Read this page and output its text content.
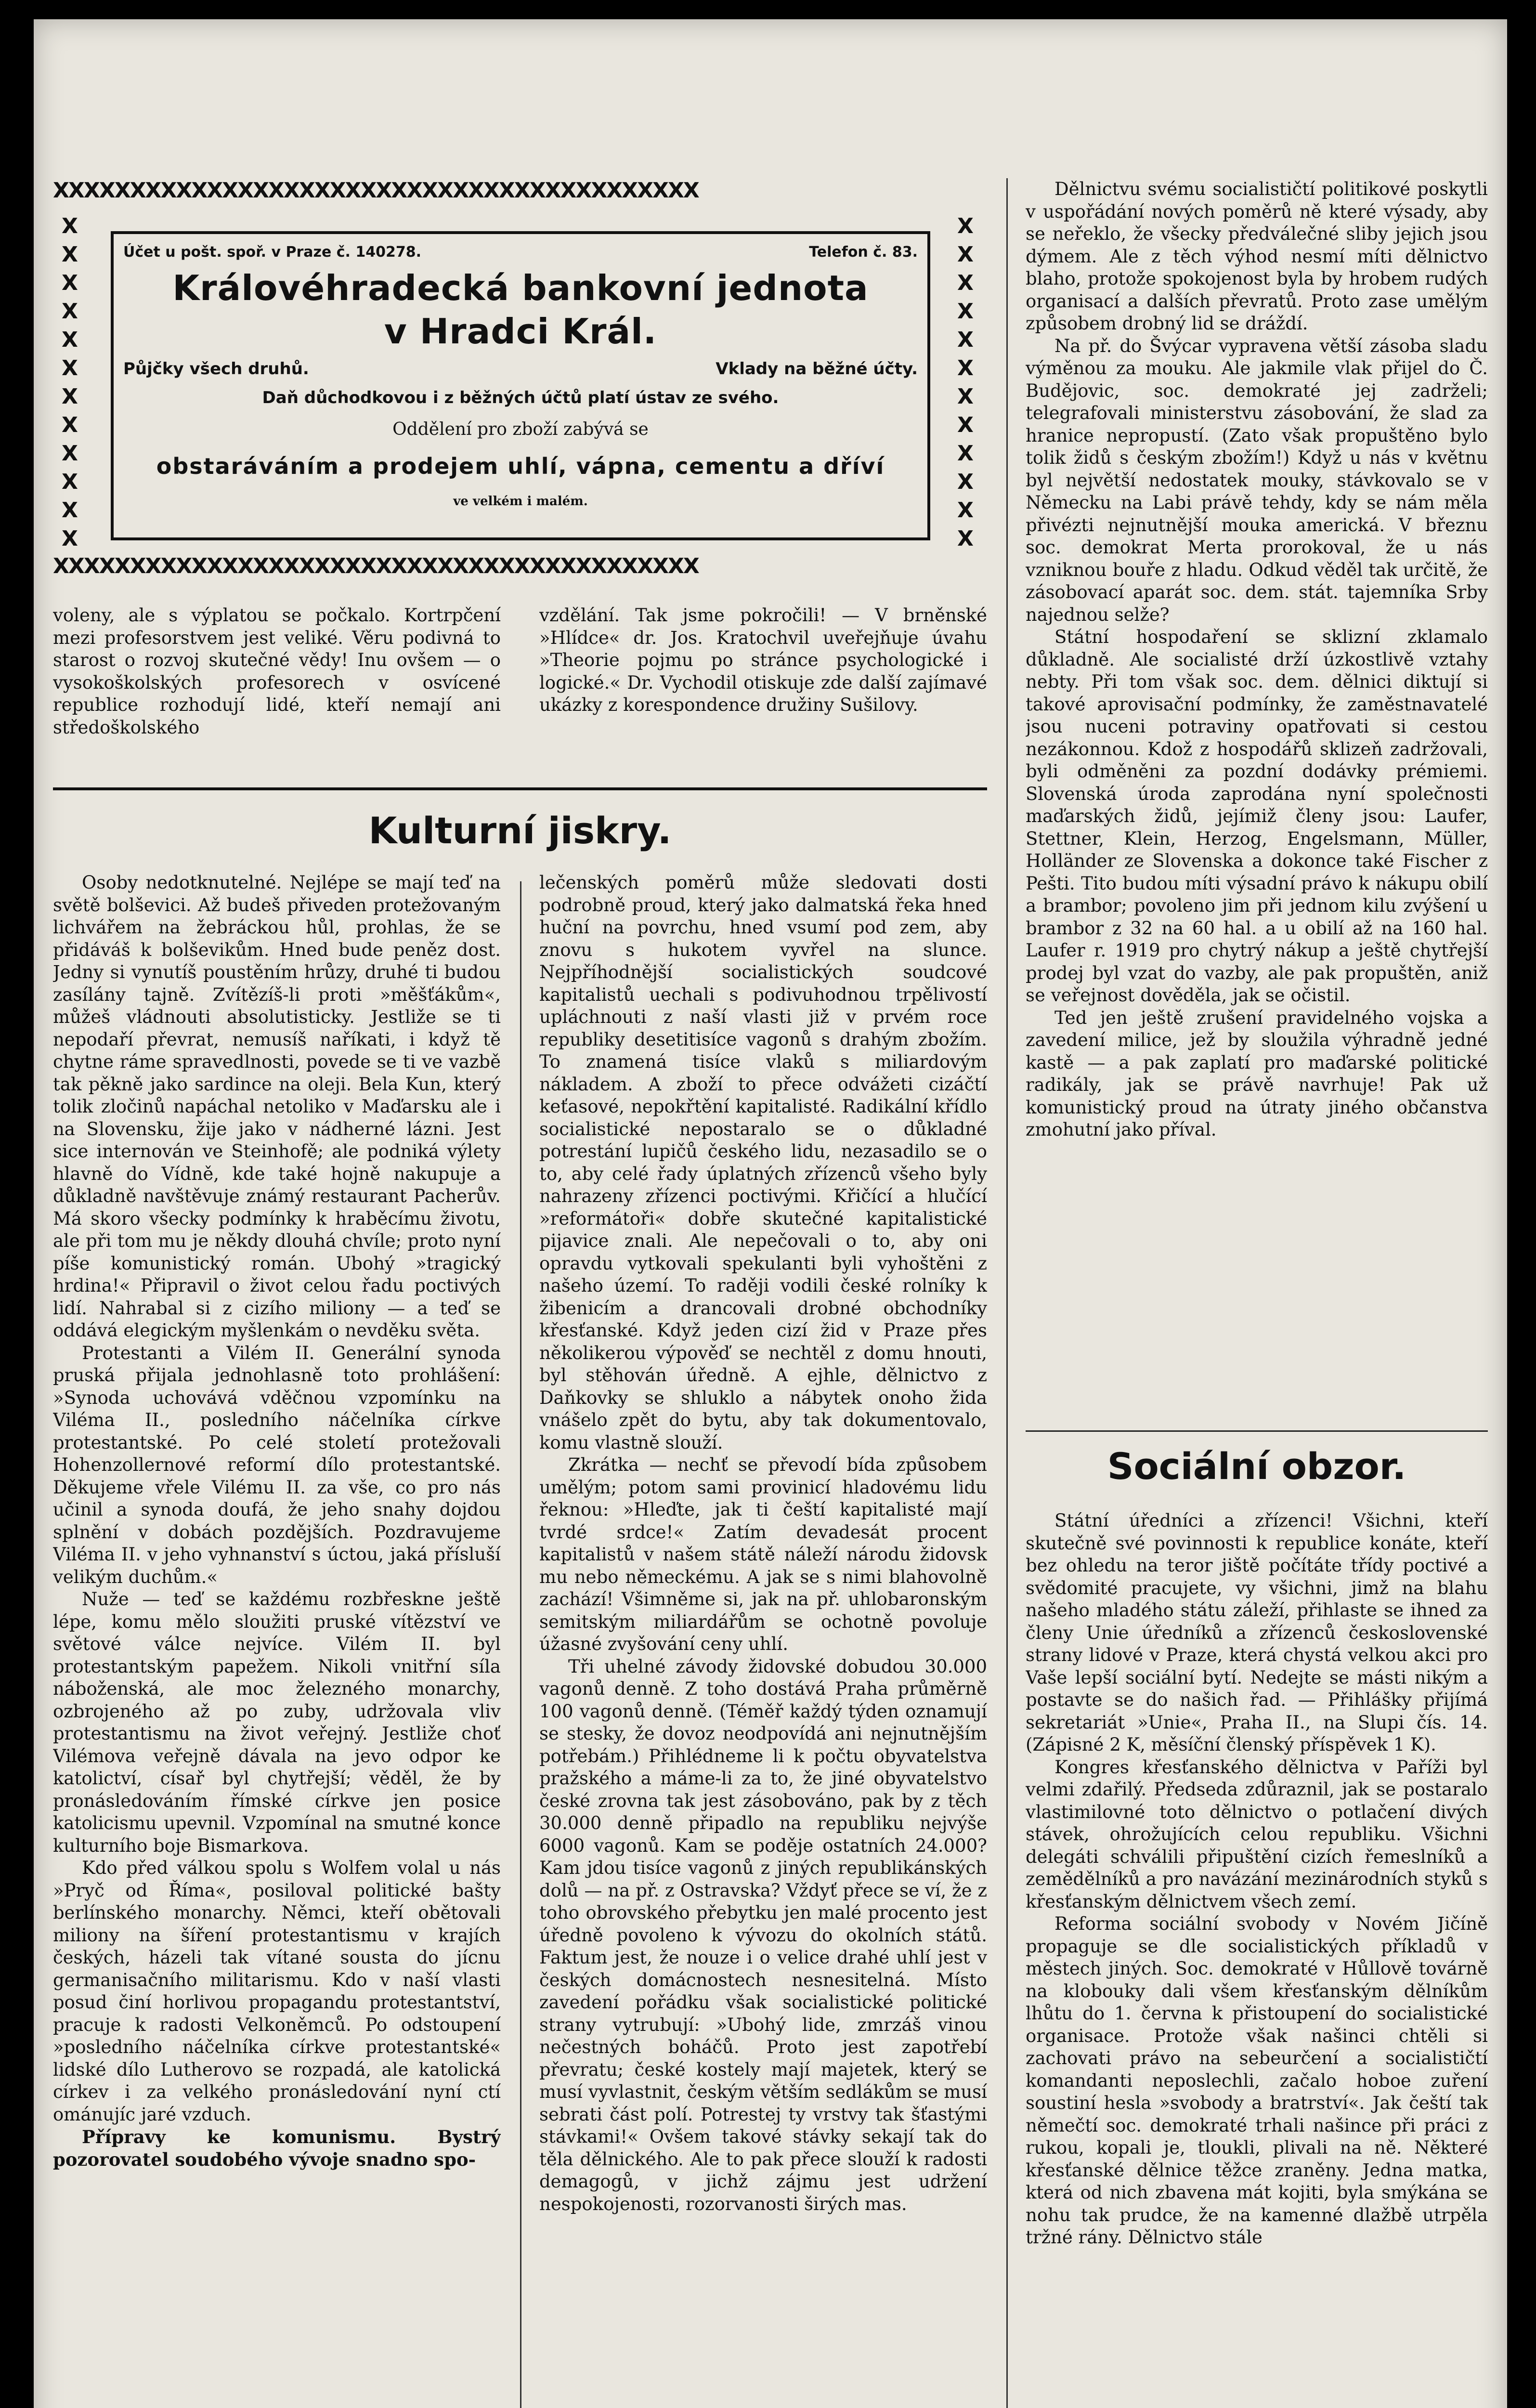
XXXXXXXXXXXXXXXXXXXXXXXXXXXXXXXXXXXXXXXXXX
XXXXXXXXXXXXXXXXXXXXXXXXXXXXXXXXXXXXXXXXXX
X X X X X X X X X X X X
X X X X X X X X X X X X
Účet u pošt. spoř. v Praze č. 140278.	Telefon č. 83.
Královéhradecká bankovní jednota
v Hradci Král.
Půjčky všech druhů.	Vklady na běžné účty.
Daň důchodkovou i z běžných účtů platí ústav ze svého.
Oddělení pro zboží zabývá se
obstaráváním a prodejem uhlí, vápna, cementu a dříví
ve velkém i malém.

voleny, ale s výplatou se počkalo. Kortrpčení mezi profesorstvem jest veliké. Věru podivná to starost o rozvoj skutečné vědy! Inu ovšem — o vysokoškolských profesorech v osvícené republice rozhodují lidé, kteří nemají ani středoškolského

vzdělání. Tak jsme pokročili! — V brněnské »Hlídce« dr. Jos. Kratochvil uveřejňuje úvahu »Theorie pojmu po stránce psychologické i logické.« Dr. Vychodil otiskuje zde další zajímavé ukázky z korespondence družiny Sušilovy.

Kulturní jiskry.

Osoby nedotknutelné. Nejlépe se mají teď na světě bolševici. Až budeš přiveden protežovaným lichvářem na žebráckou hůl, prohlas, že se přidáváš k bolševikům. Hned bude peněz dost. Jedny si vynutíš poustěním hrůzy, druhé ti budou zasílány tajně. Zvítězíš-li proti »měšťákům«, můžeš vládnouti absolutisticky. Jestliže se ti nepodaří převrat, nemusíš naříkati, i když tě chytne ráme spravedlnosti, povede se ti ve vazbě tak pěkně jako sardince na oleji. Bela Kun, který tolik zločinů napáchal netoliko v Maďarsku ale i na Slovensku, žije jako v nádherné lázni. Jest sice internován ve Steinhofě; ale podniká výlety hlavně do Vídně, kde také hojně nakupuje a důkladně navštěvuje známý restaurant Pacherův. Má skoro všecky podmínky k hraběcímu životu, ale při tom mu je někdy dlouhá chvíle; proto nyní píše komunistický román. Ubohý »tragický hrdina!« Připravil o život celou řadu poctivých lidí. Nahrabal si z cizího miliony — a teď se oddává elegickým myšlenkám o nevděku světa.

Protestanti a Vilém II. Generální synoda pruská přijala jednohlasně toto prohlášení: »Synoda uchovává vděčnou vzpomínku na Viléma II., posledního náčelníka církve protestantské. Po celé století protežovali Hohenzollernové reformí dílo protestantské. Děkujeme vřele Vilému II. za vše, co pro nás učinil a synoda doufá, že jeho snahy dojdou splnění v dobách pozdějších. Pozdravujeme Viléma II. v jeho vyhnanství s úctou, jaká přísluší velikým duchům.«

Nuže — teď se každému rozbřeskne ještě lépe, komu mělo sloužiti pruské vítězství ve světové válce nejvíce. Vilém II. byl protestantským papežem. Nikoli vnitřní síla náboženská, ale moc železného monarchy, ozbrojeného až po zuby, udržovala vliv protestantismu na život veřejný. Jestliže choť Vilémova veřejně dávala na jevo odpor ke katolictví, císař byl chytřejší; věděl, že by pronásledováním římské církve jen posice katolicismu upevnil. Vzpomínal na smutné konce kulturního boje Bismarkova.

Kdo před válkou spolu s Wolfem volal u nás »Pryč od Říma«, posiloval politické bašty berlínského monarchy. Němci, kteří obětovali miliony na šíření protestantismu v krajích českých, házeli tak vítané sousta do jícnu germanisačního militarismu. Kdo v naší vlasti posud činí horlivou propagandu protestantství, pracuje k radosti Velkoněmců. Po odstoupení »posledního náčelníka církve protestantské« lidské dílo Lutherovo se rozpadá, ale katolická církev i za velkého pronásledování nyní ctí ománujíc jaré vzduch.

Přípravy ke komunismu. Bystrý pozorovatel soudobého vývoje snadno spo-

lečenských poměrů může sledovati dosti podrobně proud, který jako dalmatská řeka hned huční na povrchu, hned vsumí pod zem, aby znovu s hukotem vyvřel na slunce. Nejpříhodnější socialistických soudcové kapitalistů uechali s podivuhodnou trpělivostí upláchnouti z naší vlasti již v prvém roce republiky desetitisíce vagonů s drahým zbožím. To znamená tisíce vlaků s miliardovým nákladem. A zboží to přece odvážeti cizáčtí keťasové, nepokřtění kapitalisté. Radikální křídlo socialistické nepostaralo se o důkladné potrestání lupičů českého lidu, nezasadilo se o to, aby celé řady úplatných zřízenců všeho byly nahrazeny zřízenci poctivými. Křičící a hlučící »reformátoři« dobře skutečné kapitalistické pijavice znali. Ale nepečovali o to, aby oni opravdu vytkovali spekulanti byli vyhoštěni z našeho území. To raději vodili české rolníky k žibenicím a drancovali drobné obchodníky křesťanské. Když jeden cizí žid v Praze přes několikerou výpověď se nechtěl z domu hnouti, byl stěhován úředně. A ejhle, dělnictvo z Daňkovky se shluklo a nábytek onoho žida vnášelo zpět do bytu, aby tak dokumentovalo, komu vlastně slouží.

Zkrátka — nechť se převodí bída způsobem umělým; potom sami provinicí hladovému lidu řeknou: »Hleďte, jak ti čeští kapitalisté mají tvrdé srdce!« Zatím devadesát procent kapitalistů v našem státě náleží národu židovsk mu nebo německému. A jak se s nimi blahovolně zachází! Všimněme si, jak na př. uhlobaronským semitským miliardářům se ochotně povoluje úžasné zvyšování ceny uhlí.

Tři uhelné závody židovské dobudou 30.000 vagonů denně. Z toho dostává Praha průměrně 100 vagonů denně. (Téměř každý týden oznamují se stesky, že dovoz neodpovídá ani nejnutnějším potřebám.) Přihlédneme li k počtu obyvatelstva pražského a máme-li za to, že jiné obyvatelstvo české zrovna tak jest zásobováno, pak by z těch 30.000 denně připadlo na republiku nejvýše 6000 vagonů. Kam se poděje ostatních 24.000? Kam jdou tisíce vagonů z jiných republikánských dolů — na př. z Ostravska? Vždyť přece se ví, že z toho obrovského přebytku jen malé procento jest úředně povoleno k vývozu do okolních států. Faktum jest, že nouze i o velice drahé uhlí jest v českých domácnostech nesnesitelná. Místo zavedení pořádku však socialistické politické strany vytrubují: »Ubohý lide, zmrzáš vinou nečestných boháčů. Proto jest zapotřebí převratu; české kostely mají majetek, který se musí vyvlastnit, českým větším sedlákům se musí sebrati část polí. Potrestej ty vrstvy tak šťastými stávkami!« Ovšem takové stávky sekají tak do těla dělnického. Ale to pak přece slouží k radosti demagogů, v jichž zájmu jest udržení nespokojenosti, rozorvanosti širých mas.

Dělnictvu svému socialističtí politikové poskytli v uspořádání nových poměrů ně které výsady, aby se neřeklo, že všecky předválečné sliby jejich jsou dýmem. Ale z těch výhod nesmí míti dělnictvo blaho, protože spokojenost byla by hrobem rudých organisací a dalších převratů. Proto zase umělým způsobem drobný lid se dráždí.

Na př. do Švýcar vypravena větší zásoba sladu výměnou za mouku. Ale jakmile vlak přijel do Č. Budějovic, soc. demokraté jej zadrželi; telegrafovali ministerstvu zásobování, že slad za hranice nepropustí. (Zato však propuštěno bylo tolik židů s českým zbožím!) Když u nás v květnu byl největší nedostatek mouky, stávkovalo se v Německu na Labi právě tehdy, kdy se nám měla přivézti nejnutnější mouka americká. V březnu soc. demokrat Merta prorokoval, že u nás vzniknou bouře z hladu. Odkud věděl tak určitě, že zásobovací aparát soc. dem. stát. tajemníka Srby najednou selže?

Státní hospodaření se sklizní zklamalo důkladně. Ale socialisté drží úzkostlivě vztahy nebty. Při tom však soc. dem. dělnici diktují si takové aprovisační podmínky, že zaměstnavatelé jsou nuceni potraviny opatřovati si cestou nezákonnou. Kdož z hospodářů sklizeň zadržovali, byli odměněni za pozdní dodávky prémiemi. Slovenská úroda zaprodána nyní společnosti maďarských židů, jejímiž členy jsou: Laufer, Stettner, Klein, Herzog, Engelsmann, Müller, Holländer ze Slovenska a dokonce také Fischer z Pešti. Tito budou míti výsadní právo k nákupu obilí a brambor; povoleno jim při jednom kilu zvýšení u brambor z 32 na 60 hal. a u obilí až na 160 hal. Laufer r. 1919 pro chytrý nákup a ještě chytřejší prodej byl vzat do vazby, ale pak propuštěn, aniž se veřejnost dověděla, jak se očistil.

Ted jen ještě zrušení pravidelného vojska a zavedení milice, jež by sloužila výhradně jedné kastě — a pak zaplatí pro maďarské politické radikály, jak se právě navrhuje! Pak už komunistický proud na útraty jiného občanstva zmohutní jako příval.

Sociální obzor.

Státní úředníci a zřízenci! Všichni, kteří skutečně své povinnosti k republice konáte, kteří bez ohledu na teror jiště počítáte třídy poctivé a svědomité pracujete, vy všichni, jimž na blahu našeho mladého státu záleží, přihlaste se ihned za členy Unie úředníků a zřízenců československé strany lidové v Praze, která chystá velkou akci pro Vaše lepší sociální bytí. Nedejte se másti nikým a postavte se do našich řad. — Přihlášky přijímá sekretariát »Unie«, Praha II., na Slupi čís. 14. (Zápisné 2 K, měsíční členský příspěvek 1 K).

Kongres křesťanského dělnictva v Paříži byl velmi zdařilý. Předseda zdůraznil, jak se postaralo vlastimilovné toto dělnictvo o potlačení divých stávek, ohrožujících celou republiku. Všichni delegáti schválili připuštění cizích řemeslníků a zemědělníků a pro navázání mezinárodních styků s křesťanským dělnictvem všech zemí.

Reforma sociální svobody v Novém Jičíně propaguje se dle socialistických příkladů v městech jiných. Soc. demokraté v Hůllově továrně na klobouky dali všem křesťanským dělníkům lhůtu do 1. června k přistoupení do socialistické organisace. Protože však našinci chtěli si zachovati právo na sebeurčení a socialističtí komandanti neposlechli, začalo hoboe zuření soustiní hesla »svobody a bratrství«. Jak čeští tak němečtí soc. demokraté trhali našince při práci z rukou, kopali je, tloukli, plivali na ně. Některé křesťanské dělnice těžce zraněny. Jedna matka, která od nich zbavena mát kojiti, byla smýkána se nohu tak prudce, že na kamenné dlažbě utrpěla tržné rány. Dělnictvo stále
